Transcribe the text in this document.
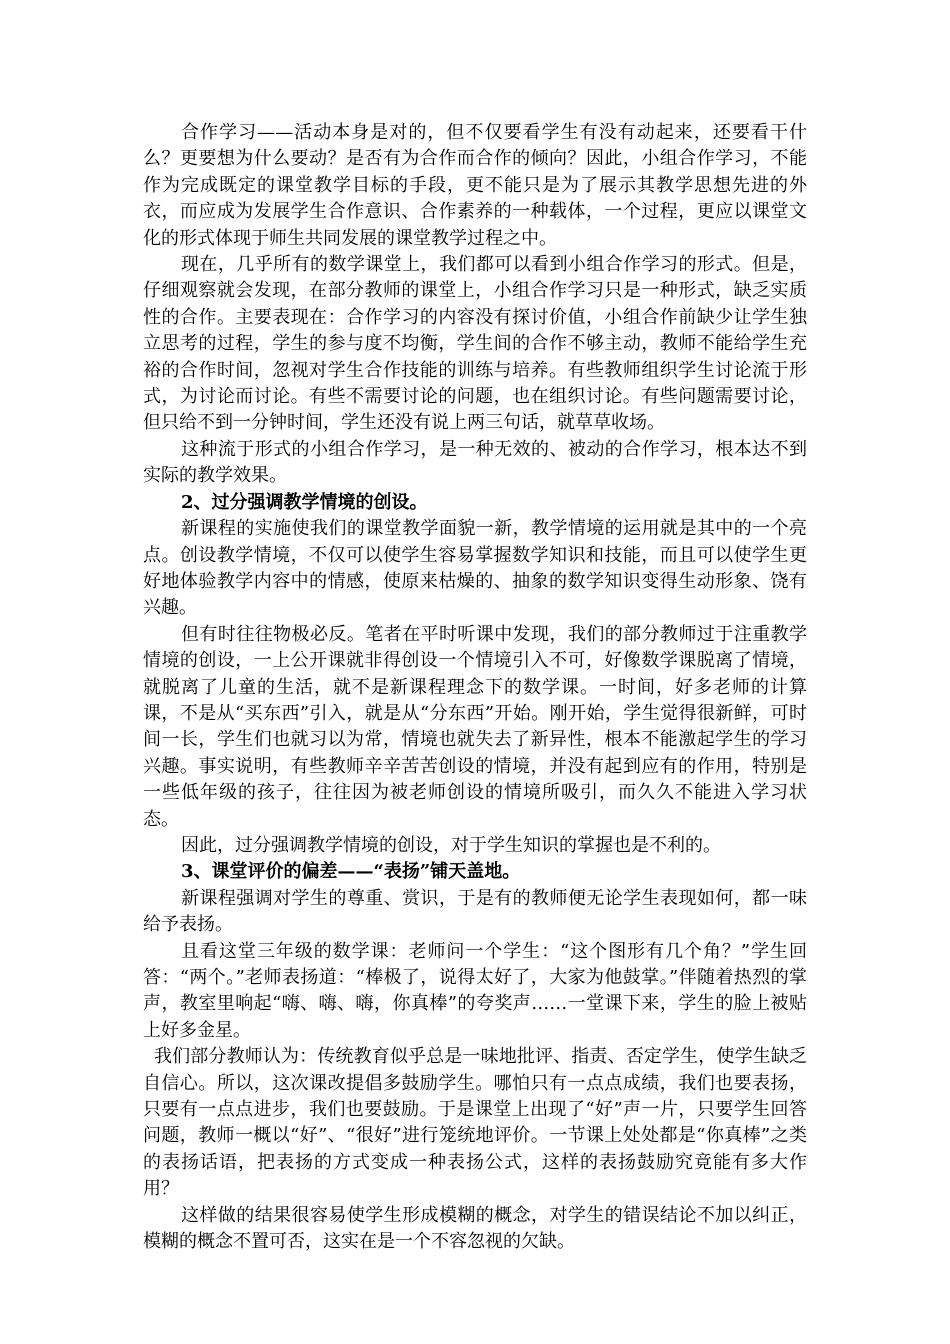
合作学习——活动本身是对的，但不仅要看学生有没有动起来，还要看干什么？更要想为什么要动？是否有为合作而合作的倾向？因此，小组合作学习，不能作为完成既定的课堂教学目标的手段，更不能只是为了展示其教学思想先进的外衣，而应成为发展学生合作意识、合作素养的一种载体，一个过程，更应以课堂文化的形式体现于师生共同发展的课堂教学过程之中。

现在，几乎所有的数学课堂上，我们都可以看到小组合作学习的形式。但是，仔细观察就会发现，在部分教师的课堂上，小组合作学习只是一种形式，缺乏实质性的合作。主要表现在：合作学习的内容没有探讨价值，小组合作前缺少让学生独立思考的过程，学生的参与度不均衡，学生间的合作不够主动，教师不能给学生充裕的合作时间，忽视对学生合作技能的训练与培养。有些教师组织学生讨论流于形式，为讨论而讨论。有些不需要讨论的问题，也在组织讨论。有些问题需要讨论，但只给不到一分钟时间，学生还没有说上两三句话，就草草收场。

这种流于形式的小组合作学习，是一种无效的、被动的合作学习，根本达不到实际的教学效果。

2、过分强调教学情境的创设。

新课程的实施使我们的课堂教学面貌一新，教学情境的运用就是其中的一个亮点。创设教学情境，不仅可以使学生容易掌握数学知识和技能，而且可以使学生更好地体验教学内容中的情感，使原来枯燥的、抽象的数学知识变得生动形象、饶有兴趣。

但有时往往物极必反。笔者在平时听课中发现，我们的部分教师过于注重教学情境的创设，一上公开课就非得创设一个情境引入不可，好像数学课脱离了情境，就脱离了儿童的生活，就不是新课程理念下的数学课。一时间，好多老师的计算课，不是从“买东西”引入，就是从“分东西”开始。刚开始，学生觉得很新鲜，可时间一长，学生们也就习以为常，情境也就失去了新异性，根本不能激起学生的学习兴趣。事实说明，有些教师辛辛苦苦创设的情境，并没有起到应有的作用，特别是一些低年级的孩子，往往因为被老师创设的情境所吸引，而久久不能进入学习状态。

因此，过分强调教学情境的创设，对于学生知识的掌握也是不利的。

3、课堂评价的偏差——“表扬”铺天盖地。

新课程强调对学生的尊重、赏识，于是有的教师便无论学生表现如何，都一味给予表扬。

且看这堂三年级的数学课：老师问一个学生：“这个图形有几个角？”学生回答：“两个。”老师表扬道：“棒极了，说得太好了，大家为他鼓掌。”伴随着热烈的掌声，教室里响起“嗨、嗨、嗨，你真棒”的夸奖声……一堂课下来，学生的脸上被贴上好多金星。

我们部分教师认为：传统教育似乎总是一味地批评、指责、否定学生，使学生缺乏自信心。所以，这次课改提倡多鼓励学生。哪怕只有一点点成绩，我们也要表扬，只要有一点点进步，我们也要鼓励。于是课堂上出现了“好”声一片，只要学生回答问题，教师一概以“好”、“很好”进行笼统地评价。一节课上处处都是“你真棒”之类的表扬话语，把表扬的方式变成一种表扬公式，这样的表扬鼓励究竟能有多大作用？

这样做的结果很容易使学生形成模糊的概念，对学生的错误结论不加以纠正，模糊的概念不置可否，这实在是一个不容忽视的欠缺。
